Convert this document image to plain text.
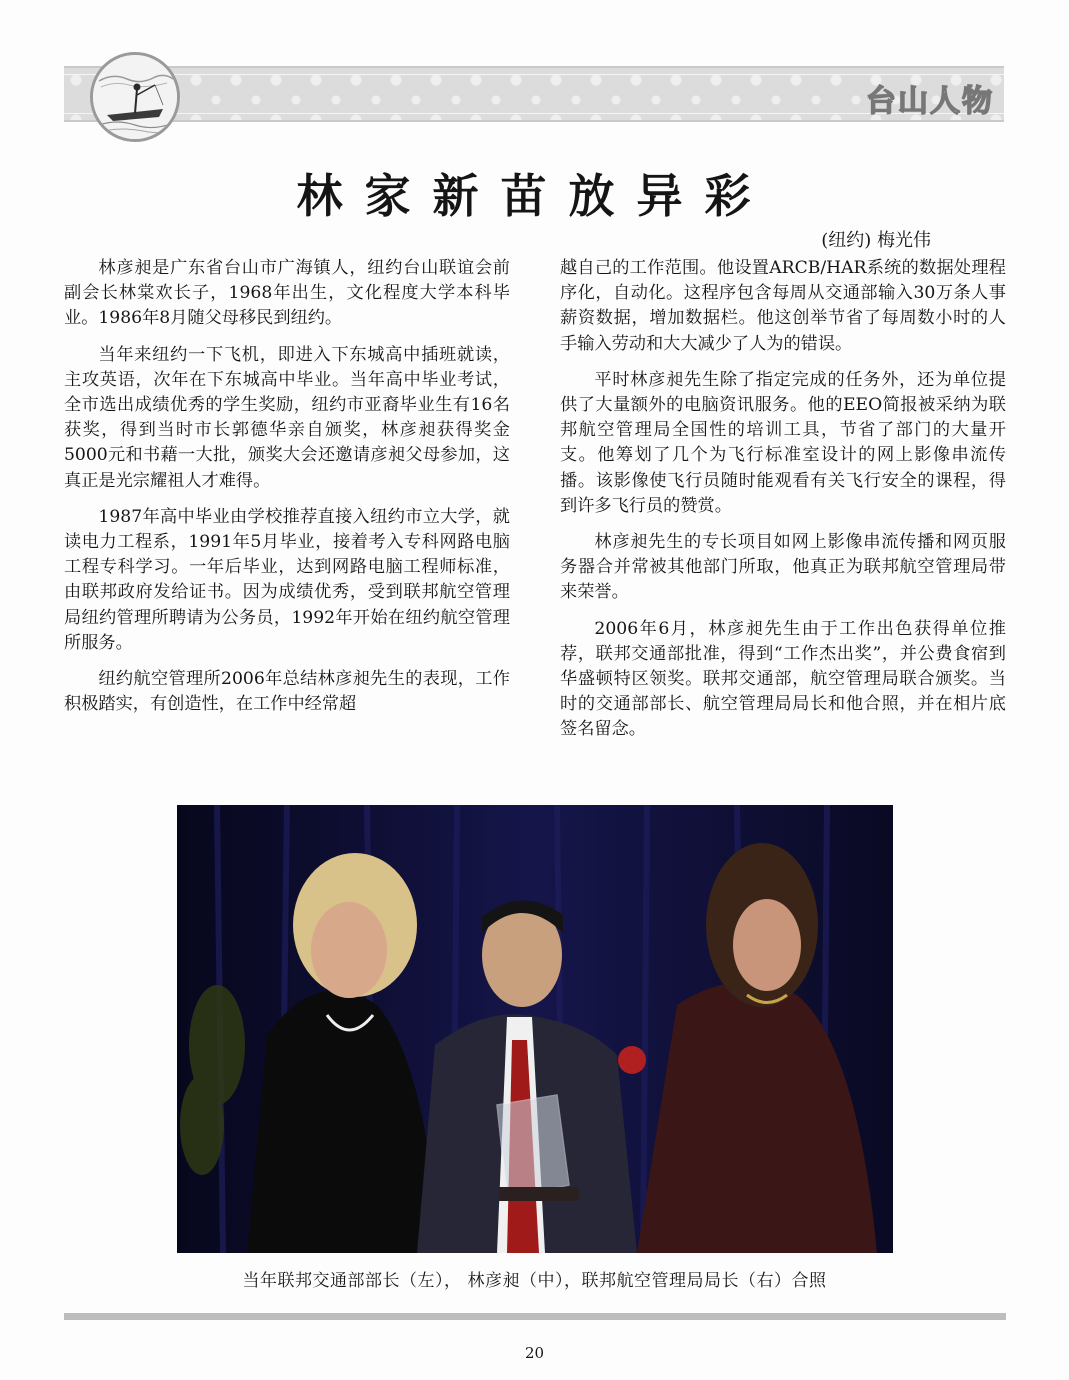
台山人物
林家新苗放异彩
(纽约) 梅光伟

林彦昶是广东省台山市广海镇人，纽约台山联谊会前副会长林棠欢长子，1968年出生，文化程度大学本科毕业。1986年8月随父母移民到纽约。

当年来纽约一下飞机，即进入下东城高中插班就读，主攻英语，次年在下东城高中毕业。当年高中毕业考试，全市选出成绩优秀的学生奖励，纽约市亚裔毕业生有16名获奖，得到当时市长郭德华亲自颁奖，林彦昶获得奖金5000元和书藉一大批，颁奖大会还邀请彦昶父母参加，这真正是光宗耀祖人才难得。

1987年高中毕业由学校推荐直接入纽约市立大学，就读电力工程系，1991年5月毕业，接着考入专科网路电脑工程专科学习。一年后毕业，达到网路电脑工程师标准，由联邦政府发给证书。因为成绩优秀，受到联邦航空管理局纽约管理所聘请为公务员，1992年开始在纽约航空管理所服务。

纽约航空管理所2006年总结林彦昶先生的表现，工作积极踏实，有创造性，在工作中经常超

越自己的工作范围。他设置ARCB/HAR系统的数据处理程序化，自动化。这程序包含每周从交通部输入30万条人事薪资数据，增加数据栏。他这创举节省了每周数小时的人手输入劳动和大大减少了人为的错误。

平时林彦昶先生除了指定完成的任务外，还为单位提供了大量额外的电脑资讯服务。他的EEO简报被采纳为联邦航空管理局全国性的培训工具，节省了部门的大量开支。他筹划了几个为飞行标准室设计的网上影像串流传播。该影像使飞行员随时能观看有关飞行安全的课程，得到许多飞行员的赞赏。

林彦昶先生的专长项目如网上影像串流传播和网页服务器合并常被其他部门所取，他真正为联邦航空管理局带来荣誉。

2006年6月，林彦昶先生由于工作出色获得单位推荐，联邦交通部批准，得到“工作杰出奖”，并公费食宿到华盛顿特区领奖。联邦交通部，航空管理局联合颁奖。当时的交通部部长、航空管理局局长和他合照，并在相片底签名留念。

当年联邦交通部部长（左）， 林彦昶（中），联邦航空管理局局长（右）合照
20
